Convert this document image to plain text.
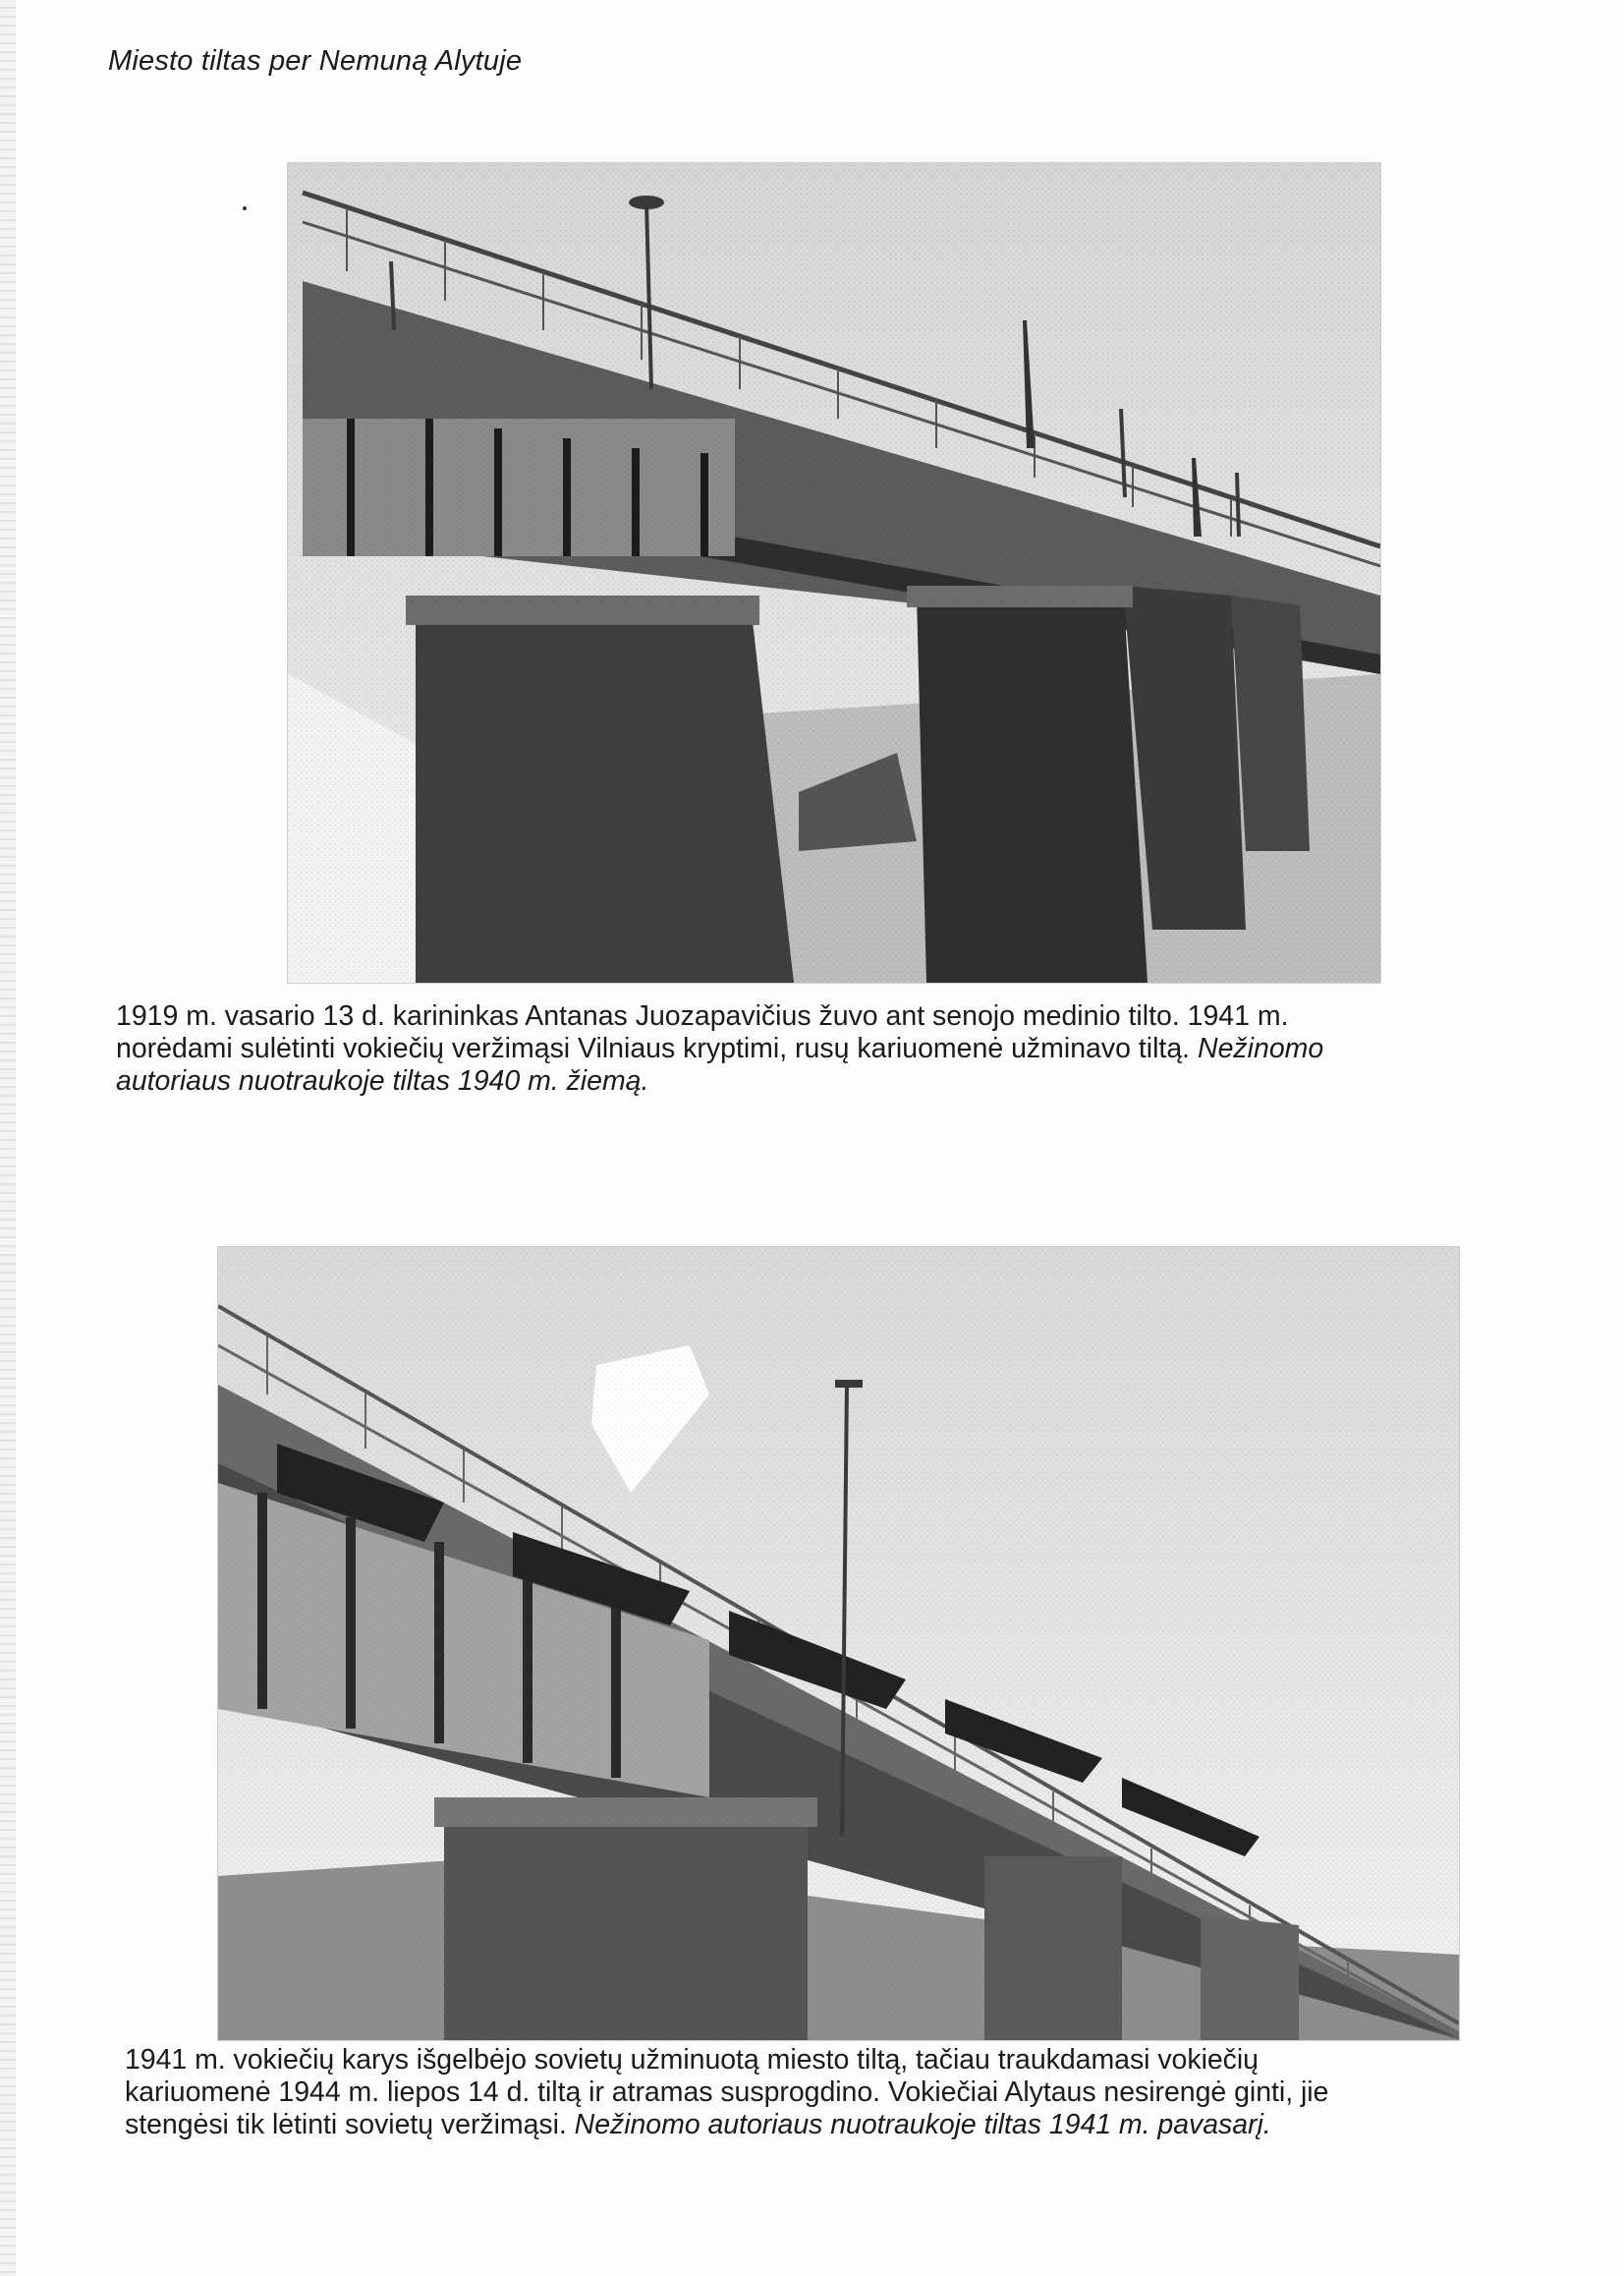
Miesto tiltas per Nemuną Alytuje
1919 m. vasario 13 d. karininkas Antanas Juozapavičius žuvo ant senojo medinio tilto. 1941 m.
norėdami sulėtinti vokiečių veržimąsi Vilniaus kryptimi, rusų kariuomenė užminavo tiltą. Nežinomo
autoriaus nuotraukoje tiltas 1940 m. žiemą.
1941 m. vokiečių karys išgelbėjo sovietų užminuotą miesto tiltą, tačiau traukdamasi vokiečių
kariuomenė 1944 m. liepos 14 d. tiltą ir atramas susprogdino. Vokiečiai Alytaus nesirengė ginti, jie
stengėsi tik lėtinti sovietų veržimąsi. Nežinomo autoriaus nuotraukoje tiltas 1941 m. pavasarį.
